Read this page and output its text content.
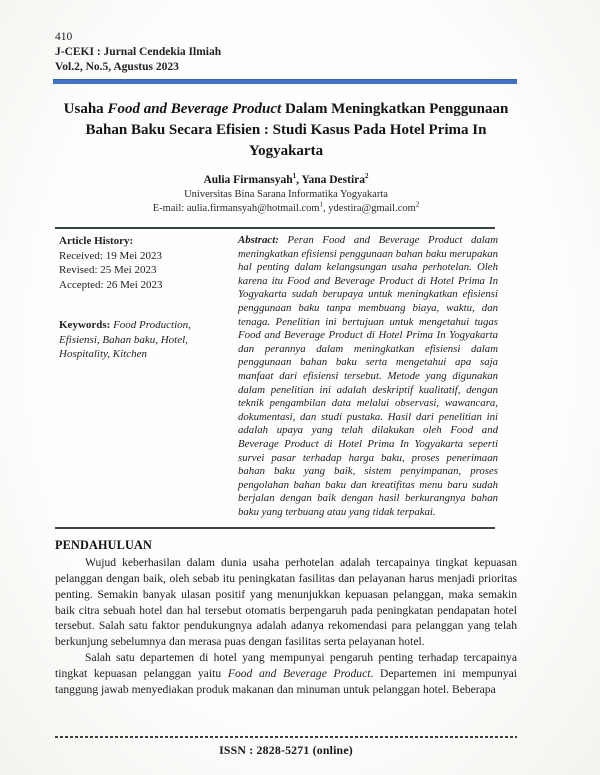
410
J-CEKI : Jurnal Cendekia Ilmiah
Vol.2, No.5, Agustus 2023
Usaha Food and Beverage Product Dalam Meningkatkan Penggunaan Bahan Baku Secara Efisien : Studi Kasus Pada Hotel Prima In Yogyakarta
Aulia Firmansyah$^1$, Yana Destira$^2$
Universitas Bina Sarana Informatika Yogyakarta
E-mail: aulia.firmansyah@hotmail.com$^1$, ydestira@gmail.com$^2$
Article History:
Received: 19 Mei 2023
Revised: 25 Mei 2023
Accepted: 26 Mei 2023
Keywords: Food Production, Efisiensi, Bahan baku, Hotel, Hospitality, Kitchen
Abstract: Peran Food and Beverage Product dalam meningkatkan efisiensi penggunaan bahan baku merupakan hal penting dalam kelangsungan usaha perhotelan. Oleh karena itu Food and Beverage Product di Hotel Prima In Yogyakarta sudah berupaya untuk meningkatkan efisiensi penggunaan baku tanpa membuang biaya, waktu, dan tenaga. Penelitian ini bertujuan untuk mengetahui tugas Food and Beverage Product di Hotel Prima In Yogyakarta dan perannya dalam meningkatkan efisiensi dalam penggunaan bahan baku serta mengetahui apa saja manfaat dari efisiensi tersebut. Metode yang digunakan dalam penelitian ini adalah deskriptif kualitatif, dengan teknik pengambilan data melalui observasi, wawancara, dokumentasi, dan studi pustaka. Hasil dari penelitian ini adalah upaya yang telah dilakukan oleh Food and Beverage Product di Hotel Prima In Yogyakarta seperti survei pasar terhadap harga baku, proses penerimaan bahan baku yang baik, sistem penyimpanan, proses pengolahan bahan baku dan kreatifitas menu baru sudah berjalan dengan baik dengan hasil berkurangnya bahan baku yang terbuang atau yang tidak terpakai.
PENDAHULUAN

Wujud keberhasilan dalam dunia usaha perhotelan adalah tercapainya tingkat kepuasan pelanggan dengan baik, oleh sebab itu peningkatan fasilitas dan pelayanan harus menjadi prioritas penting. Semakin banyak ulasan positif yang menunjukkan kepuasan pelanggan, maka semakin baik citra sebuah hotel dan hal tersebut otomatis berpengaruh pada peningkatan pendapatan hotel tersebut. Salah satu faktor pendukungnya adalah adanya rekomendasi para pelanggan yang telah berkunjung sebelumnya dan merasa puas dengan fasilitas serta pelayanan hotel.

Salah satu departemen di hotel yang mempunyai pengaruh penting terhadap tercapainya tingkat kepuasan pelanggan yaitu Food and Beverage Product. Departemen ini mempunyai tanggung jawab menyediakan produk makanan dan minuman untuk pelanggan hotel. Beberapa

ISSN : 2828-5271 (online)
